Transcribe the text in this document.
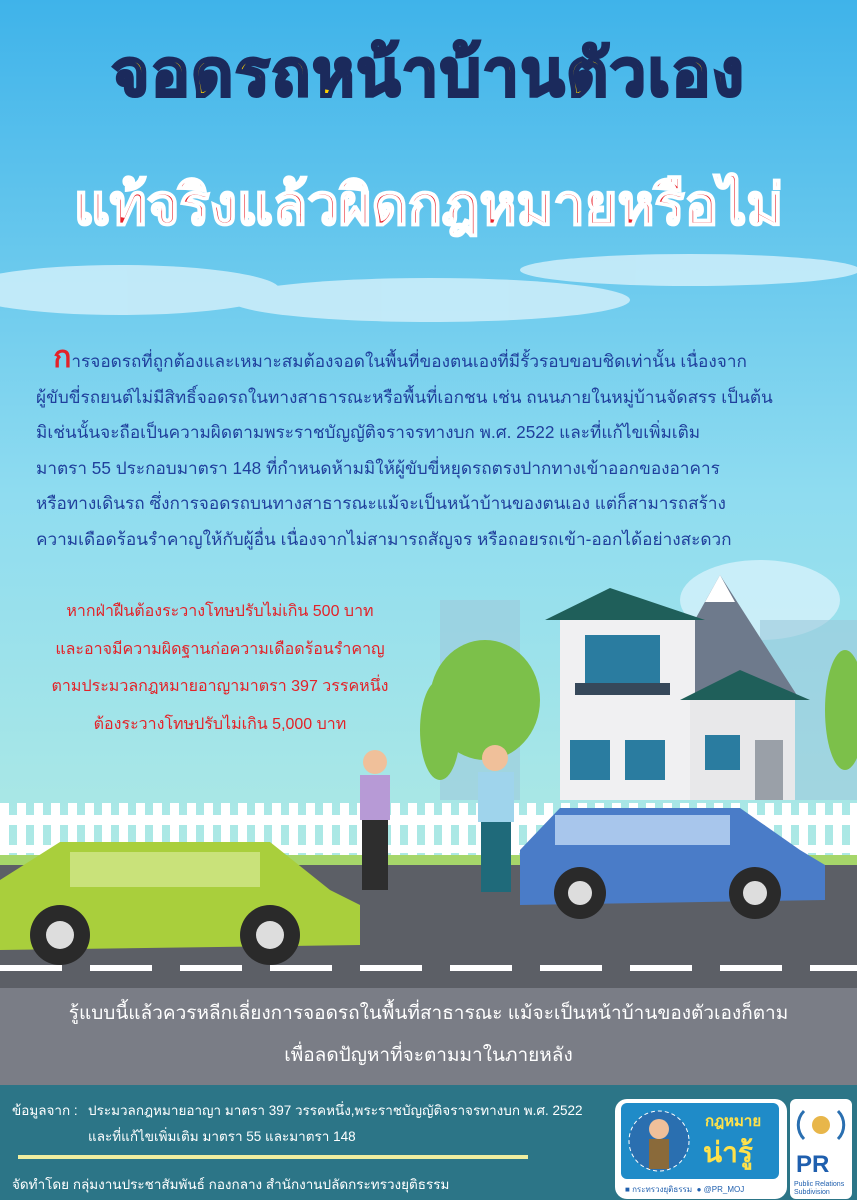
จอดรถหน้าบ้านตัวเอง
แท้จริงแล้วผิดกฎหมายหรือไม่
 การจอดรถที่ถูกต้องและเหมาะสมต้องจอดในพื้นที่ของตนเองที่มีรั้วรอบขอบชิดเท่านั้น เนื่องจาก
ผู้ขับขี่รถยนต์ไม่มีสิทธิ์จอดรถในทางสาธารณะหรือพื้นที่เอกชน เช่น ถนนภายในหมู่บ้านจัดสรร เป็นต้น
มิเช่นนั้นจะถือเป็นความผิดตามพระราชบัญญัติจราจรทางบก พ.ศ. 2522 และที่แก้ไขเพิ่มเติม
มาตรา 55 ประกอบมาตรา 148 ที่กำหนดห้ามมิให้ผู้ขับขี่หยุดรถตรงปากทางเข้าออกของอาคาร
หรือทางเดินรถ ซึ่งการจอดรถบนทางสาธารณะแม้จะเป็นหน้าบ้านของตนเอง แต่ก็สามารถสร้าง
ความเดือดร้อนรำคาญให้กับผู้อื่น เนื่องจากไม่สามารถสัญจร หรือถอยรถเข้า-ออกได้อย่างสะดวก
หากฝ่าฝืนต้องระวางโทษปรับไม่เกิน 500 บาท
และอาจมีความผิดฐานก่อความเดือดร้อนรำคาญ
ตามประมวลกฎหมายอาญามาตรา 397 วรรคหนึ่ง
ต้องระวางโทษปรับไม่เกิน 5,000 บาท
รู้แบบนี้แล้วควรหลีกเลี่ยงการจอดรถในพื้นที่สาธารณะ แม้จะเป็นหน้าบ้านของตัวเองก็ตาม
เพื่อลดปัญหาที่จะตามมาในภายหลัง
ข้อมูลจาก : ประมวลกฎหมายอาญา มาตรา 397 วรรคหนึ่ง,พระราชบัญญัติจราจรทางบก พ.ศ. 2522
และที่แก้ไขเพิ่มเติม มาตรา 55 และมาตรา 148
จัดทำโดย กลุ่มงานประชาสัมพันธ์ กองกลาง สำนักงานปลัดกระทรวงยุติธรรม
กฎหมาย
น่ารู้
■ กระทรวงยุติธรรม ● @PR_MOJ
PR
Public Relations Subdivision
